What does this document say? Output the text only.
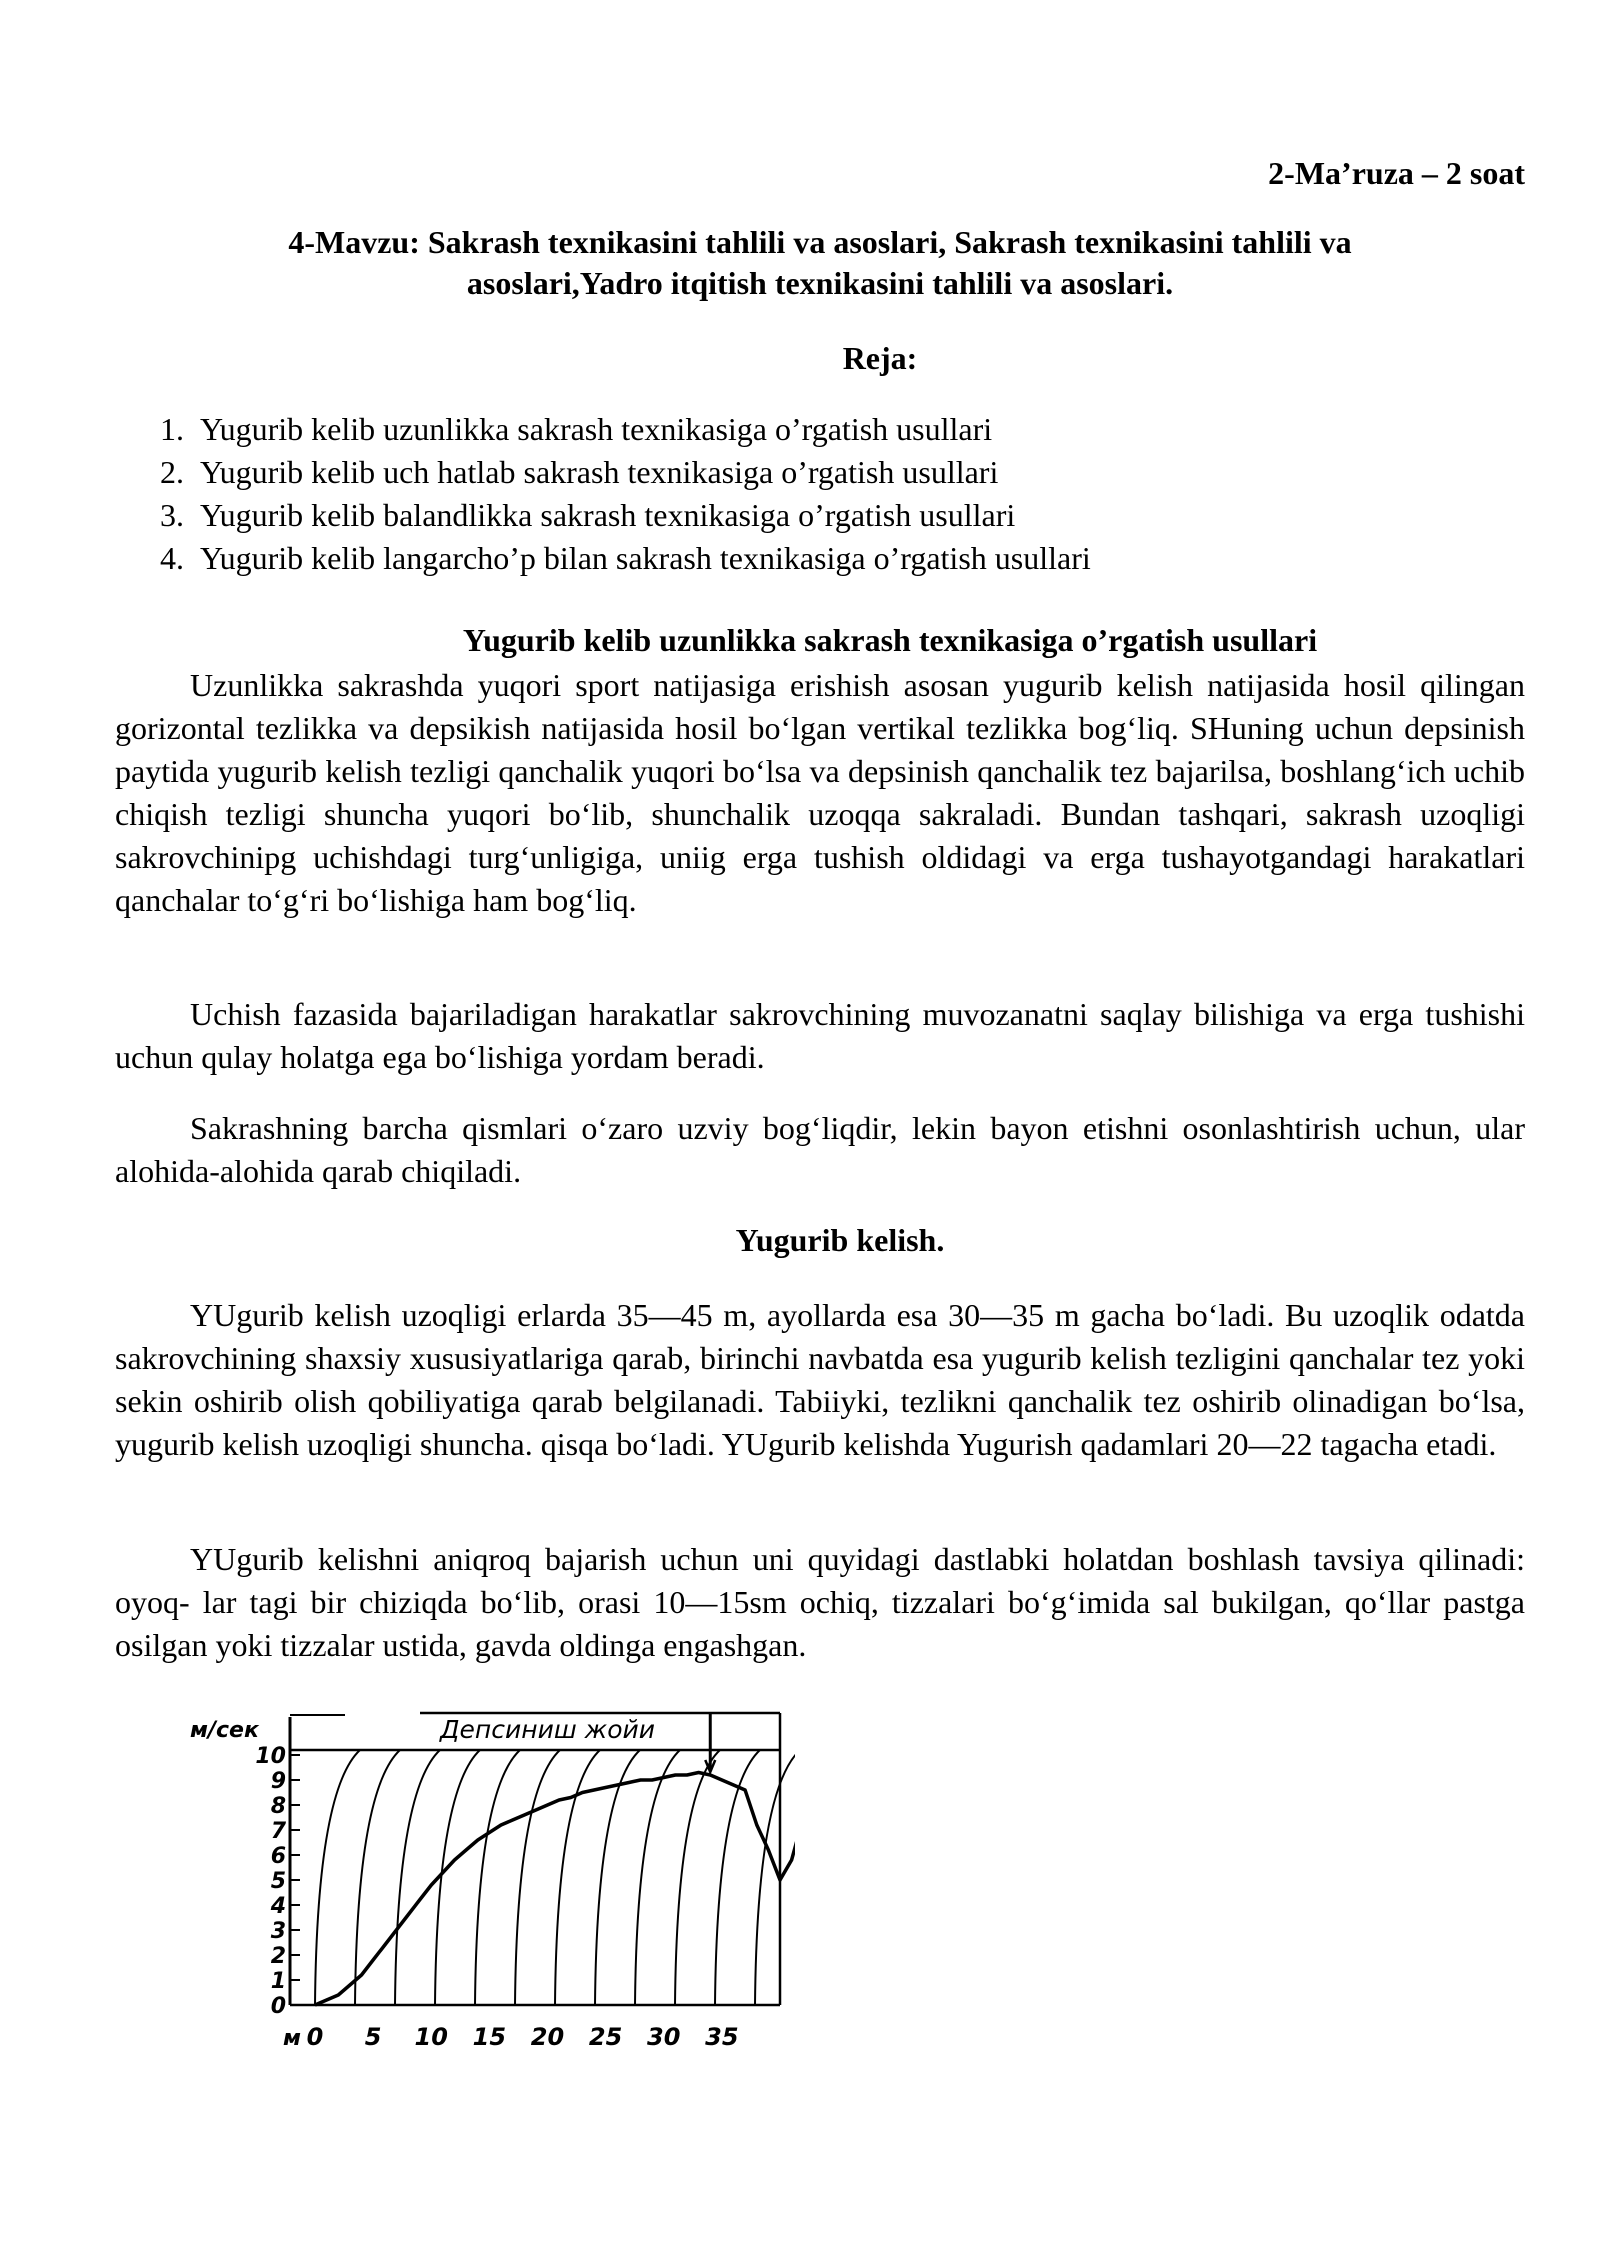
2-Ma’ruza – 2 soat
4-Mavzu: Sakrash texnikasini tahlili va asoslari, Sakrash texnikasini tahlili va
asoslari,Yadro itqitish texnikasini tahlili va asoslari.
Reja:
1. Yugurib kelib uzunlikka sakrash texnikasiga o’rgatish usullari
2. Yugurib kelib uch hatlab sakrash texnikasiga o’rgatish usullari
3. Yugurib kelib balandlikka sakrash texnikasiga o’rgatish usullari
4. Yugurib kelib langarcho’p bilan sakrash texnikasiga o’rgatish usullari
Yugurib kelib uzunlikka sakrash texnikasiga o’rgatish usullari

Uzunlikka sakrashda yuqori sport natijasiga erishish asosan yugurib kelish natijasida hosil qilingan gorizontal tezlikka va depsikish natijasida hosil bo‘lgan vertikal tezlikka bog‘liq. SHuning uchun depsinish paytida yugurib kelish tezligi qanchalik yuqori bo‘lsa va depsinish qanchalik tez bajarilsa, boshlang‘ich uchib chiqish tezligi shuncha yuqori bo‘lib, shunchalik uzoqqa sakraladi. Bundan tashqari, sakrash uzoqligi sakrovchinipg uchishdagi turg‘unligiga, uniig erga tushish oldidagi va erga tushayotgandagi harakatlari qanchalar to‘g‘ri bo‘lishiga ham bog‘liq.

Uchish fazasida bajariladigan harakatlar sakrovchining muvozanatni saqlay bilishiga va erga tushishi uchun qulay holatga ega bo‘lishiga yordam beradi.

Sakrashning barcha qismlari o‘zaro uzviy bog‘liqdir, lekin bayon etishni osonlashtirish uchun, ular alohida-alohida qarab chiqiladi.

Yugurib kelish.

YUgurib kelish uzoqligi erlarda 35—45 m, ayollarda esa 30—35 m gacha bo‘ladi. Bu uzoqlik odatda sakrovchining shaxsiy xususiyatlariga qarab, birinchi navbatda esa yugurib kelish tezligini qanchalar tez yoki sekin oshirib olish qobiliyatiga qarab belgilanadi. Tabiiyki, tezlikni qanchalik tez oshirib olinadigan bo‘lsa, yugurib kelish uzoqligi shuncha. qisqa bo‘ladi. YUgurib kelishda Yugurish qadamlari 20—22 tagacha etadi.

YUgurib kelishni aniqroq bajarish uchun uni quyidagi dastlabki holatdan boshlash tavsiya qilinadi: oyoq- lar tagi bir chiziqda bo‘lib, orasi 10—15sm ochiq, tizzalari bo‘g‘imida sal bukilgan, qo‘llar pastga osilgan yoki tizzalar ustida, gavda oldinga engashgan.

м/сек	Депсиниш жойи
м
0
1
2
3
4
5
6
7
8
9
10
0 5 10 15 20 25 30 35
